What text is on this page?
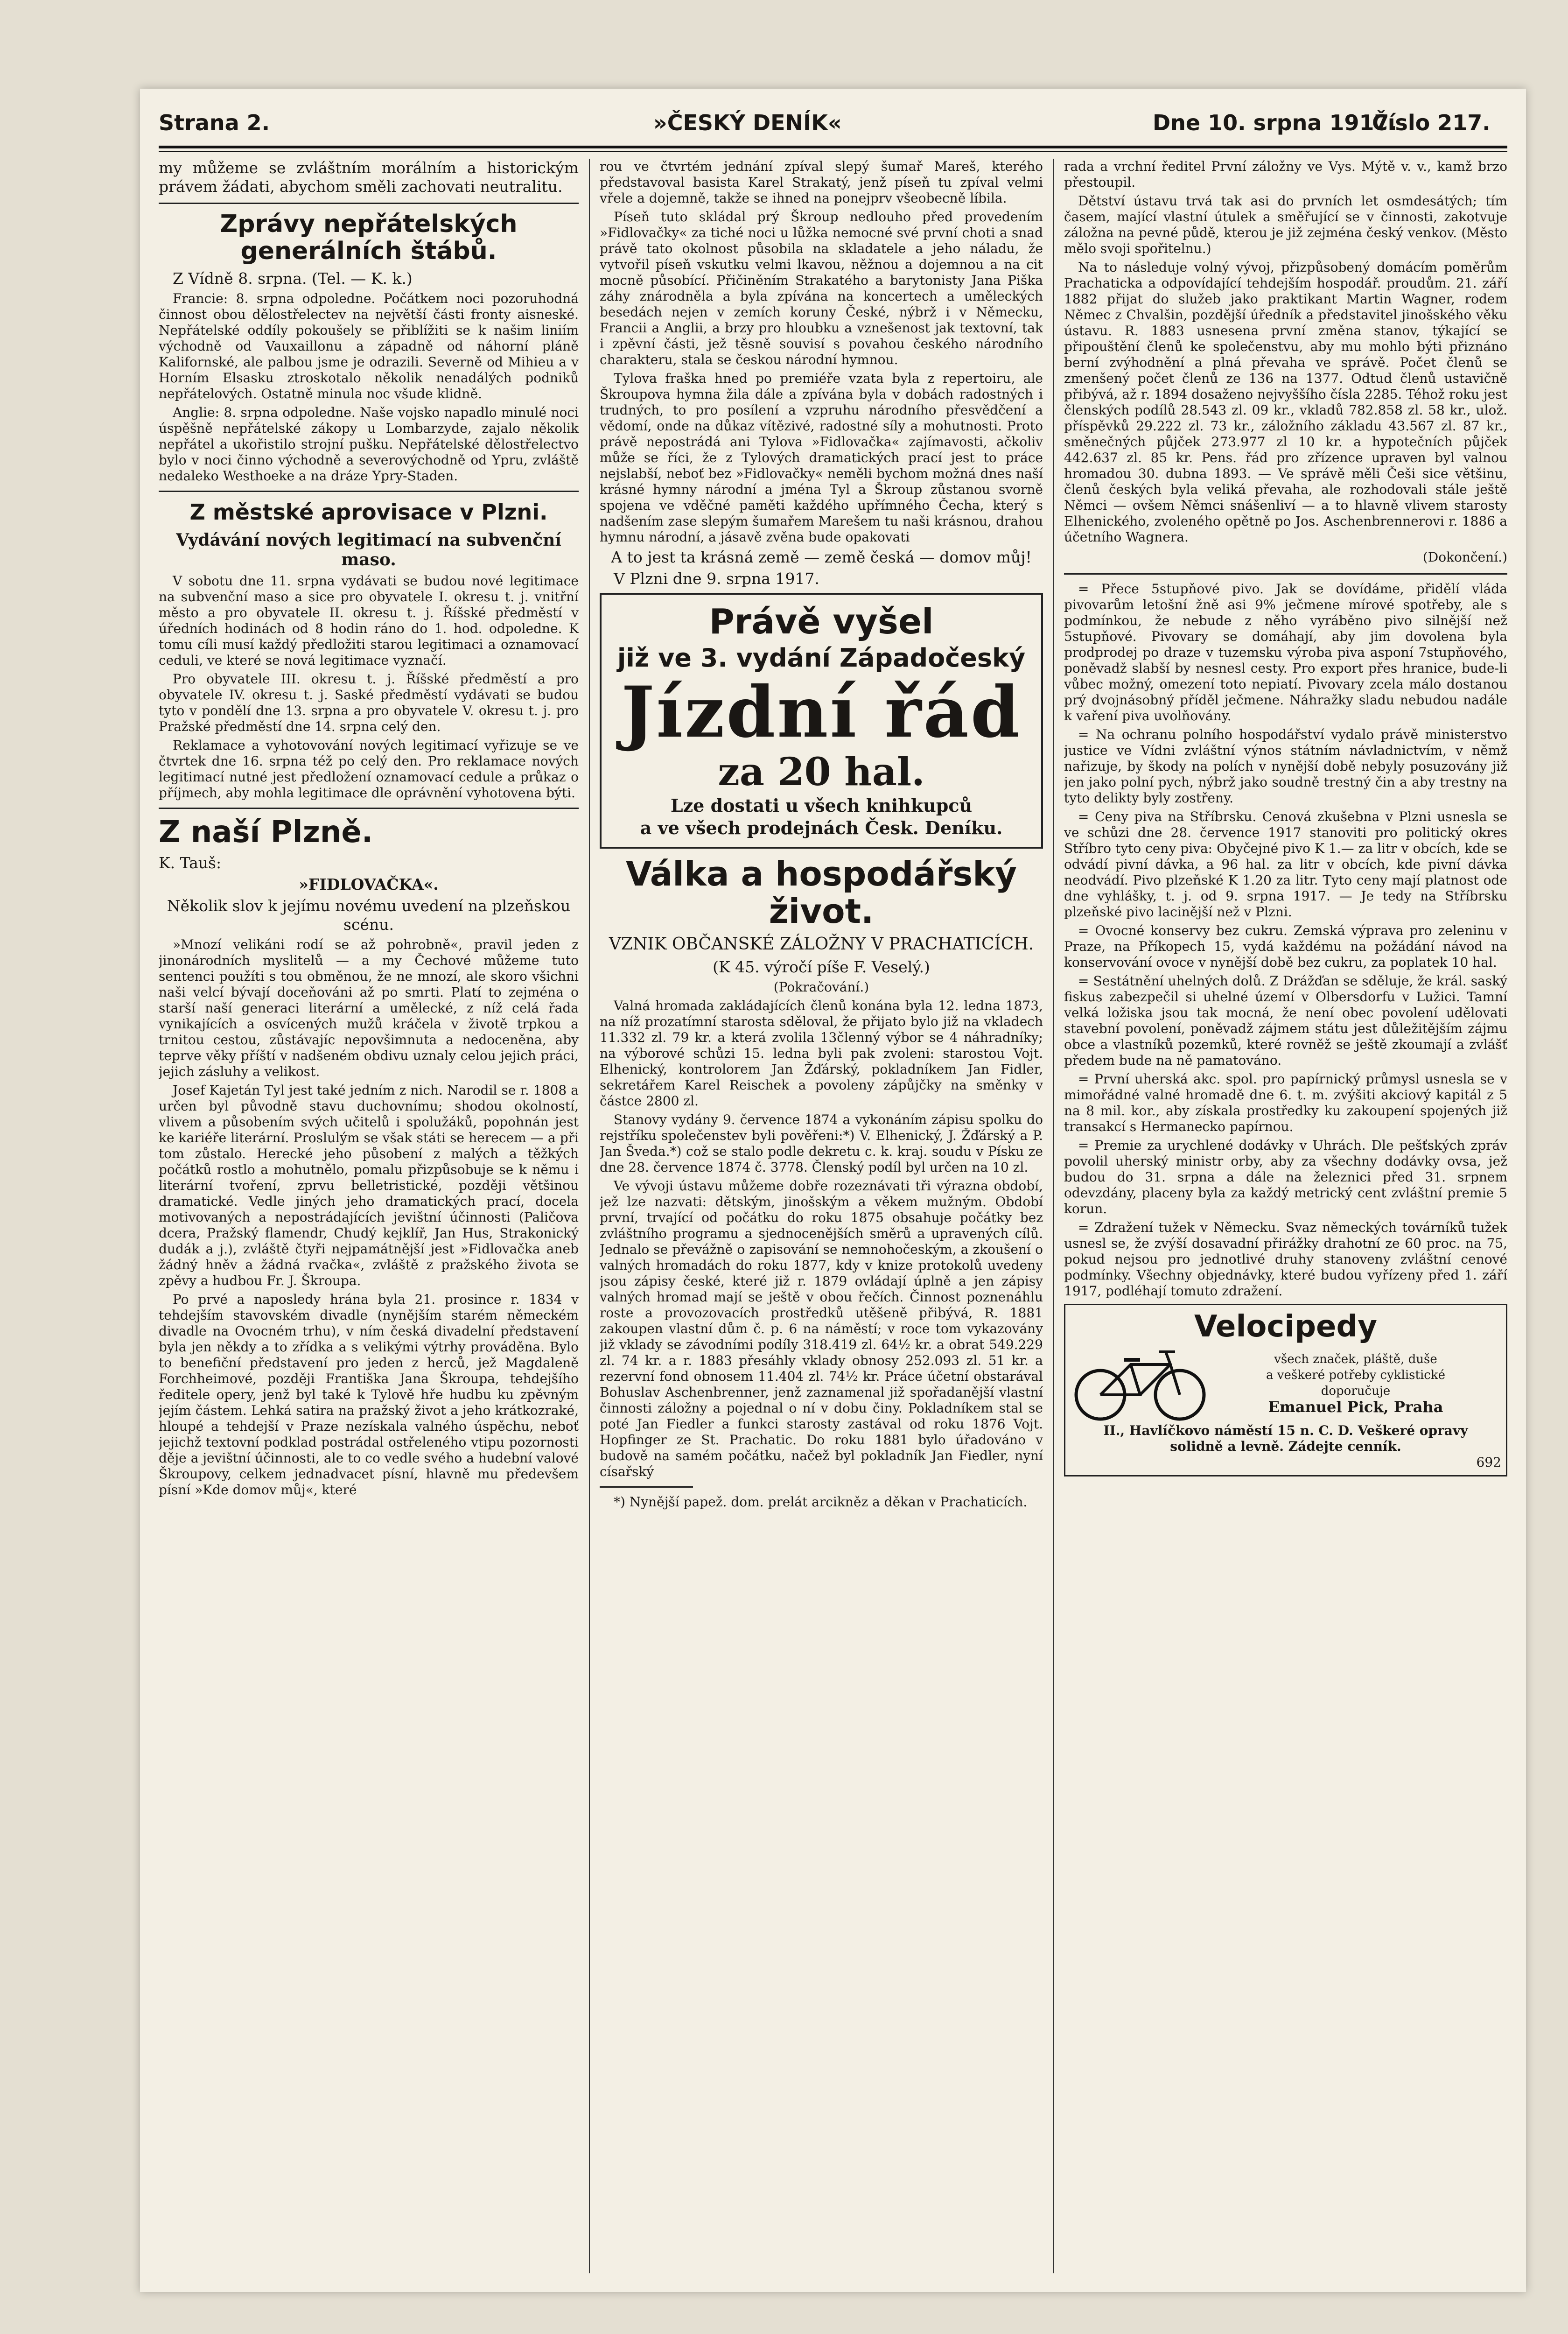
Strana 2.	»ČESKÝ DENÍK«	Dne 10. srpna 1917.
Číslo 217.

my můžeme se zvláštním morálním a historickým právem žádati, abychom směli zachovati neutralitu.

Zprávy nepřátelských generálních štábů.

Z Vídně 8. srpna. (Tel. — K. k.)

Francie: 8. srpna odpoledne. Počátkem noci pozoruhodná činnost obou dělostřelectev na největší části fronty aisneské. Nepřátelské oddíly pokoušely se přiblížiti se k našim liniím východně od Vauxaillonu a západně od náhorní pláně Kalifornské, ale palbou jsme je odrazili. Severně od Mihieu a v Horním Elsasku ztroskotalo několik nenadálých podniků nepřátelových. Ostatně minula noc všude klidně.

Anglie: 8. srpna odpoledne. Naše vojsko napadlo minulé noci úspěšně nepřátelské zákopy u Lombarzyde, zajalo několik nepřátel a ukořistilo strojní pušku. Nepřátelské dělostřelectvo bylo v noci činno východně a severovýchodně od Ypru, zvláště nedaleko Westhoeke a na dráze Ypry-Staden.

Z městské aprovisace v Plzni.
Vydávání nových legitimací na subvenční maso.

V sobotu dne 11. srpna vydávati se budou nové legitimace na subvenční maso a sice pro obyvatele I. okresu t. j. vnitřní město a pro obyvatele II. okresu t. j. Říšské předměstí v úředních hodinách od 8 hodin ráno do 1. hod. odpoledne. K tomu cíli musí každý předložiti starou legitimaci a oznamovací ceduli, ve které se nová legitimace vyznačí.

Pro obyvatele III. okresu t. j. Říšské předměstí a pro obyvatele IV. okresu t. j. Saské předměstí vydávati se budou tyto v pondělí dne 13. srpna a pro obyvatele V. okresu t. j. pro Pražské předměstí dne 14. srpna celý den.

Reklamace a vyhotovování nových legitimací vyřizuje se ve čtvrtek dne 16. srpna též po celý den. Pro reklamace nových legitimací nutné jest předložení oznamovací cedule a průkaz o příjmech, aby mohla legitimace dle oprávnění vyhotovena býti.

Z naší Plzně.

K. Tauš:

»FIDLOVAČKA«.

Několik slov k jejímu novému uvedení na plzeňskou scénu.

»Mnozí velikáni rodí se až pohrobně«, pravil jeden z jinonárodních myslitelů — a my Čechové můžeme tuto sentenci použíti s tou obměnou, že ne mnozí, ale skoro všichni naši velcí bývají doceňováni až po smrti. Platí to zejména o starší naší generaci literární a umělecké, z níž celá řada vynikajících a osvícených mužů kráčela v životě trpkou a trnitou cestou, zůstávajíc nepovšimnuta a nedoceněna, aby teprve věky příští v nadšeném obdivu uznaly celou jejich práci, jejich zásluhy a velikost.

Josef Kajetán Tyl jest také jedním z nich. Narodil se r. 1808 a určen byl původně stavu duchovnímu; shodou okolností, vlivem a působením svých učitelů i spolužáků, popohnán jest ke kariéře literární. Proslulým se však státi se herecem — a při tom zůstalo. Herecké jeho působení z malých a těžkých počátků rostlo a mohutnělo, pomalu přizpůsobuje se k němu i literární tvoření, zprvu belletristické, později většinou dramatické. Vedle jiných jeho dramatických prací, docela motivovaných a nepostrádajících jevištní účinnosti (Paličova dcera, Pražský flamendr, Chudý kejklíř, Jan Hus, Strakonický dudák a j.), zvláště čtyři nejpamátnější jest »Fidlovačka aneb žádný hněv a žádná rvačka«, zvláště z pražského života se zpěvy a hudbou Fr. J. Škroupa.

Po prvé a naposledy hrána byla 21. prosince r. 1834 v tehdejším stavovském divadle (nynějším starém německém divadle na Ovocném trhu), v ním česká divadelní představení byla jen někdy a to zřídka a s velikými výtrhy prováděna. Bylo to benefiční představení pro jeden z herců, jež Magdaleně Forchheimové, později Františka Jana Škroupa, tehdejšího ředitele opery, jenž byl také k Tylově hře hudbu ku zpěvným jejím částem. Lehká satira na pražský život a jeho krátkozraké, hloupé a tehdejší v Praze nezískala valného úspěchu, neboť jejichž textovní podklad postrádal ostřeleného vtipu pozornosti děje a jevištní účinnosti, ale to co vedle svého a hudební valové Škroupovy, celkem jednadvacet písní, hlavně mu předevšem písní »Kde domov můj«, které

rou ve čtvrtém jednání zpíval slepý šumař Mareš, kterého představoval basista Karel Strakatý, jenž píseň tu zpíval velmi vřele a dojemně, takže se ihned na ponejprv všeobecně líbila.

Píseň tuto skládal prý Škroup nedlouho před provedením »Fidlovačky« za tiché noci u lůžka nemocné své první choti a snad právě tato okolnost působila na skladatele a jeho náladu, že vytvořil píseň vskutku velmi lkavou, něžnou a dojemnou a na cit mocně působící. Přičiněním Strakatého a barytonisty Jana Piška záhy znárodněla a byla zpívána na koncertech a uměleckých besedách nejen v zemích koruny České, nýbrž i v Německu, Francii a Anglii, a brzy pro hloubku a vznešenost jak textovní, tak i zpěvní části, jež těsně souvisí s povahou českého národního charakteru, stala se českou národní hymnou.

Tylova fraška hned po premiéře vzata byla z repertoiru, ale Škroupova hymna žila dále a zpívána byla v dobách radostných i trudných, to pro posílení a vzpruhu národního přesvědčení a vědomí, onde na důkaz vítězivé, radostné síly a mohutnosti. Proto právě nepostrádá ani Tylova »Fidlovačka« zajímavosti, ačkoliv může se říci, že z Tylových dramatických prací jest to práce nejslabší, neboť bez »Fidlovačky« neměli bychom možná dnes naší krásné hymny národní a jména Tyl a Škroup zůstanou svorně spojena ve vděčné paměti každého upřímného Čecha, který s nadšením zase slepým šumařem Marešem tu naši krásnou, drahou hymnu národní, a jásavě zvěna bude opakovati

A to jest ta krásná země — země česká — domov můj!

V Plzni dne 9. srpna 1917.

Právě vyšel
již ve 3. vydání Západočeský
Jízdní řád
za 20 hal.
Lze dostati u všech knihkupců
a ve všech prodejnách Česk. Deníku.
Válka a hospodářský život.
VZNIK OBČANSKÉ ZÁLOŽNY V PRACHATICÍCH.

(K 45. výročí píše F. Veselý.)

(Pokračování.)

Valná hromada zakládajících členů konána byla 12. ledna 1873, na níž prozatímní starosta sděloval, že přijato bylo již na vkladech 11.332 zl. 79 kr. a která zvolila 13členný výbor se 4 náhradníky; na výborové schůzi 15. ledna byli pak zvoleni: starostou Vojt. Elhenický, kontrolorem Jan Žďárský, pokladníkem Jan Fidler, sekretářem Karel Reischek a povoleny zápůjčky na směnky v částce 2800 zl.

Stanovy vydány 9. července 1874 a vykonáním zápisu spolku do rejstříku společenstev byli pověřeni:*) V. Elhenický, J. Žďárský a P. Jan Šveda.*) což se stalo podle dekretu c. k. kraj. soudu v Písku ze dne 28. července 1874 č. 3778. Členský podíl byl určen na 10 zl.

Ve vývoji ústavu můžeme dobře rozeznávati tři výrazna období, jež lze nazvati: dětským, jinošským a věkem mužným. Období první, trvající od počátku do roku 1875 obsahuje počátky bez zvláštního programu a sjednocenějších směrů a upravených cílů. Jednalo se převážně o zapisování se nemnohočeským, a zkoušení o valných hromadách do roku 1877, kdy v knize protokolů uvedeny jsou zápisy české, které již r. 1879 ovládají úplně a jen zápisy valných hromad mají se ještě v obou řečích. Činnost poznenáhlu roste a provozovacích prostředků utěšeně přibývá, R. 1881 zakoupen vlastní dům č. p. 6 na náměstí; v roce tom vykazovány již vklady se závodními podíly 318.419 zl. 64½ kr. a obrat 549.229 zl. 74 kr. a r. 1883 přesáhly vklady obnosy 252.093 zl. 51 kr. a rezervní fond obnosem 11.404 zl. 74½ kr. Práce účetní obstarával Bohuslav Aschenbrenner, jenž zaznamenal již spořadanější vlastní činnosti záložny a pojednal o ní v dobu činy. Pokladníkem stal se poté Jan Fiedler a funkci starosty zastával od roku 1876 Vojt. Hopfinger ze St. Prachatic. Do roku 1881 bylo úřadováno v budově na samém počátku, načež byl pokladník Jan Fiedler, nyní císařský

*) Nynější papež. dom. prelát arcikněz a děkan v Prachaticích.

rada a vrchní ředitel První záložny ve Vys. Mýtě v. v., kamž brzo přestoupil.

Dětství ústavu trvá tak asi do prvních let osmdesátých; tím časem, mající vlastní útulek a směřující se v činnosti, zakotvuje záložna na pevné půdě, kterou je již zejména český venkov. (Město mělo svoji spořitelnu.)

Na to následuje volný vývoj, přizpůsobený domácím poměrům Prachaticka a odpovídající tehdejším hospodář. proudům. 21. září 1882 přijat do služeb jako praktikant Martin Wagner, rodem Němec z Chvalšin, pozdější úředník a představitel jinošského věku ústavu. R. 1883 usnesena první změna stanov, týkající se připouštění členů ke společenstvu, aby mu mohlo býti přiznáno berní zvýhodnění a plná převaha ve správě. Počet členů se zmenšený počet členů ze 136 na 1377. Odtud členů ustavičně přibývá, až r. 1894 dosaženo nejvyššího čísla 2285. Téhož roku jest členských podílů 28.543 zl. 09 kr., vkladů 782.858 zl. 58 kr., ulož. příspěvků 29.222 zl. 73 kr., záložního základu 43.567 zl. 87 kr., směnečných půjček 273.977 zl 10 kr. a hypotečních půjček 442.637 zl. 85 kr. Pens. řád pro zřízence upraven byl valnou hromadou 30. dubna 1893. — Ve správě měli Češi sice většinu, členů českých byla veliká převaha, ale rozhodovali stále ještě Němci — ovšem Němci snášenliví — a to hlavně vlivem starosty Elhenického, zvoleného opětně po Jos. Aschenbrennerovi r. 1886 a účetního Wagnera.

(Dokončení.)

= Přece 5stupňové pivo. Jak se dovídáme, přidělí vláda pivovarům letošní žně asi 9% ječmene mírové spotřeby, ale s podmínkou, že nebude z něho vyráběno pivo silnější než 5stupňové. Pivovary se domáhají, aby jim dovolena byla prodprodej po draze v tuzemsku výroba piva asponí 7stupňového, poněvadž slabší by nesnesl cesty. Pro export přes hranice, bude-li vůbec možný, omezení toto nepiatí. Pivovary zcela málo dostanou prý dvojnásobný příděl ječmene. Náhražky sladu nebudou nadále k vaření piva uvolňovány.

= Na ochranu polního hospodářství vydalo právě ministerstvo justice ve Vídni zvláštní výnos státním návladnictvím, v němž nařizuje, by škody na polích v nynější době nebyly posuzovány již jen jako polní pych, nýbrž jako soudně trestný čin a aby trestny na tyto delikty byly zostřeny.

= Ceny piva na Stříbrsku. Cenová zkušebna v Plzni usnesla se ve schůzi dne 28. července 1917 stanoviti pro politický okres Stříbro tyto ceny piva: Obyčejné pivo K 1.— za litr v obcích, kde se odvádí pivní dávka, a 96 hal. za litr v obcích, kde pivní dávka neodvádí. Pivo plzeňské K 1.20 za litr. Tyto ceny mají platnost ode dne vyhlášky, t. j. od 9. srpna 1917. — Je tedy na Stříbrsku plzeňské pivo lacinější než v Plzni.

= Ovocné konservy bez cukru. Zemská výprava pro zeleninu v Praze, na Příkopech 15, vydá každému na požádání návod na konservování ovoce v nynější době bez cukru, za poplatek 10 hal.

= Sestátnění uhelných dolů. Z Drážďan se sděluje, že král. saský fiskus zabezpečil si uhelné území v Olbersdorfu v Lužici. Tamní velká ložiska jsou tak mocná, že není obec povolení udělovati stavební povolení, poněvadž zájmem státu jest důležitějším zájmu obce a vlastníků pozemků, které rovněž se ještě zkoumají a zvlášť předem bude na ně pamatováno.

= První uherská akc. spol. pro papírnický průmysl usnesla se v mimořádné valné hromadě dne 6. t. m. zvýšiti akciový kapitál z 5 na 8 mil. kor., aby získala prostředky ku zakoupení spojených již transakcí s Hermanecko papírnou.

= Premie za urychlené dodávky v Uhrách. Dle pešťských zpráv povolil uherský ministr orby, aby za všechny dodávky ovsa, jež budou do 31. srpna a dále na železnici před 31. srpnem odevzdány, placeny byla za každý metrický cent zvláštní premie 5 korun.

= Zdražení tužek v Německu. Svaz německých továrníků tužek usnesl se, že zvýší dosavadní přirážky drahotní ze 60 proc. na 75, pokud nejsou pro jednotlivé druhy stanoveny zvláštní cenové podmínky. Všechny objednávky, které budou vyřízeny před 1. září 1917, podléhají tomuto zdražení.

Velocipedy
všech značek, pláště, duše
a veškeré potřeby cyklistické
doporučuje
Emanuel Pick, Praha
II., Havlíčkovo náměstí 15 n. C. D. Veškeré opravy
solidně a levně. Zádejte cenník.
692
